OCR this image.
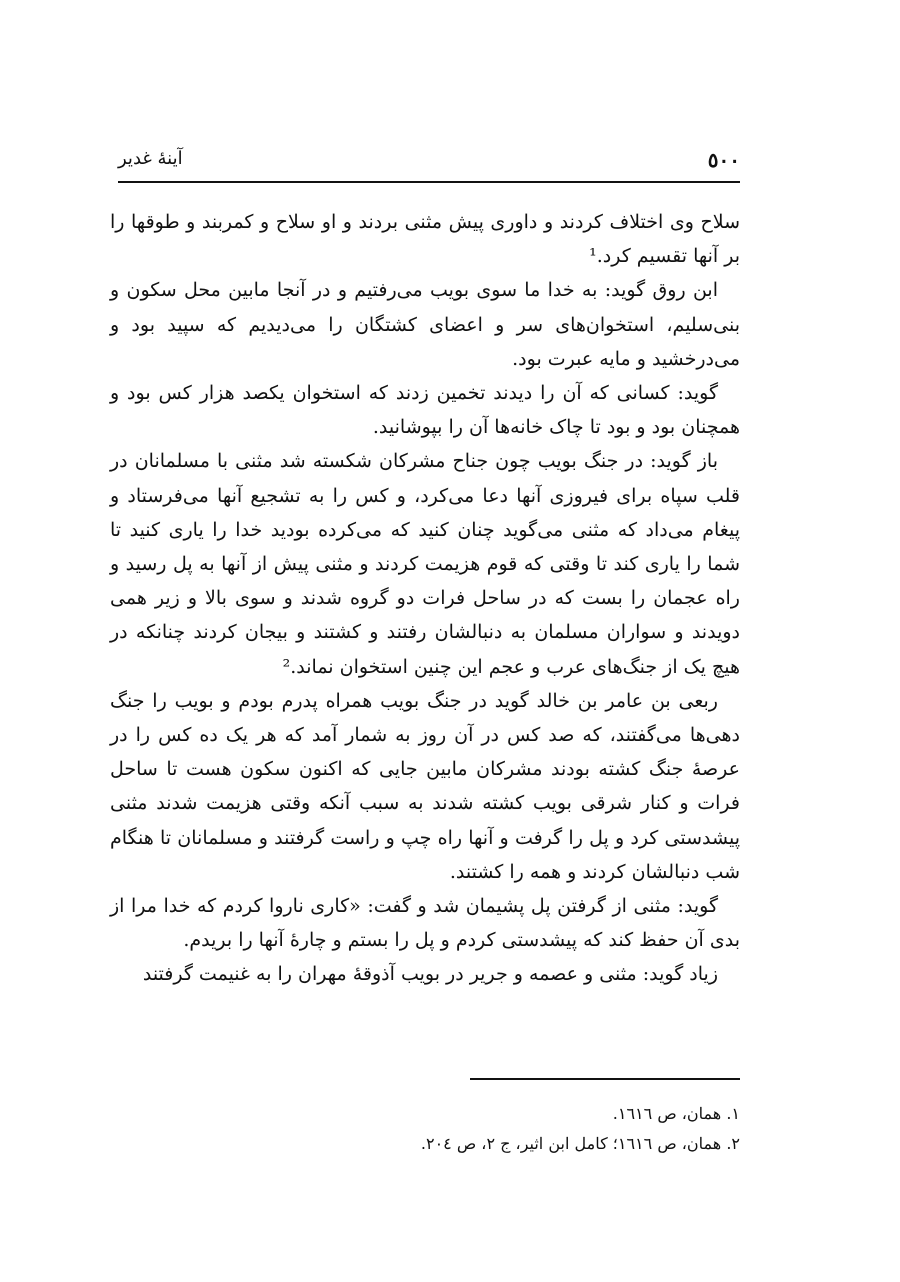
٥٠٠
آینهٔ غدیر

سلاح وی اختلاف کردند و داوری پیش مثنی بردند و او سلاح و کمربند و طوقها را بر آنها تقسیم کرد.¹

ابن روق گوید: به خدا ما سوی بویب می‌رفتیم و در آنجا مابین محل سکون و بنی‌سلیم، استخوان‌های سر و اعضای کشتگان را می‌دیدیم که سپید بود و می‌درخشید و مایه عبرت بود.

گوید: کسانی که آن را دیدند تخمین زدند که استخوان یکصد هزار کس بود و همچنان بود و بود تا چاک خانه‌ها آن را بپوشانید.

باز گوید: در جنگ بویب چون جناح مشرکان شکسته شد مثنی با مسلمانان در قلب سپاه برای فیروزی آنها دعا می‌کرد، و کس را به تشجیع آنها می‌فرستاد و پیغام می‌داد که مثنی می‌گوید چنان کنید که می‌کرده بودید خدا را یاری کنید تا شما را یاری کند تا وقتی که قوم هزیمت کردند و مثنی پیش از آنها به پل رسید و راه عجمان را بست که در ساحل فرات دو گروه شدند و سوی بالا و زیر همی دویدند و سواران مسلمان به دنبالشان رفتند و کشتند و بیجان کردند چنانکه در هیچ یک از جنگ‌های عرب و عجم این چنین استخوان نماند.²

ربعی بن عامر بن خالد گوید در جنگ بویب همراه پدرم بودم و بویب را جنگ دهی‌ها می‌گفتند، که صد کس در آن روز به شمار آمد که هر یک ده کس را در عرصهٔ جنگ کشته بودند مشرکان مابین جایی که اکنون سکون هست تا ساحل فرات و کنار شرقی بویب کشته شدند به سبب آنکه وقتی هزیمت شدند مثنی پیشدستی کرد و پل را گرفت و آنها راه چپ و راست گرفتند و مسلمانان تا هنگام شب دنبالشان کردند و همه را کشتند.

گوید: مثنی از گرفتن پل پشیمان شد و گفت: «کاری ناروا کردم که خدا مرا از بدی آن حفظ کند که پیشدستی کردم و پل را بستم و چارهٔ آنها را بریدم.

زیاد گوید: مثنی و عصمه و جریر در بویب آذوقهٔ مهران را به غنیمت گرفتند

١. همان، ص ١٦١٦.
٢. همان، ص ١٦١٦؛ کامل ابن اثیر، ج ٢، ص ٢٠٤.
